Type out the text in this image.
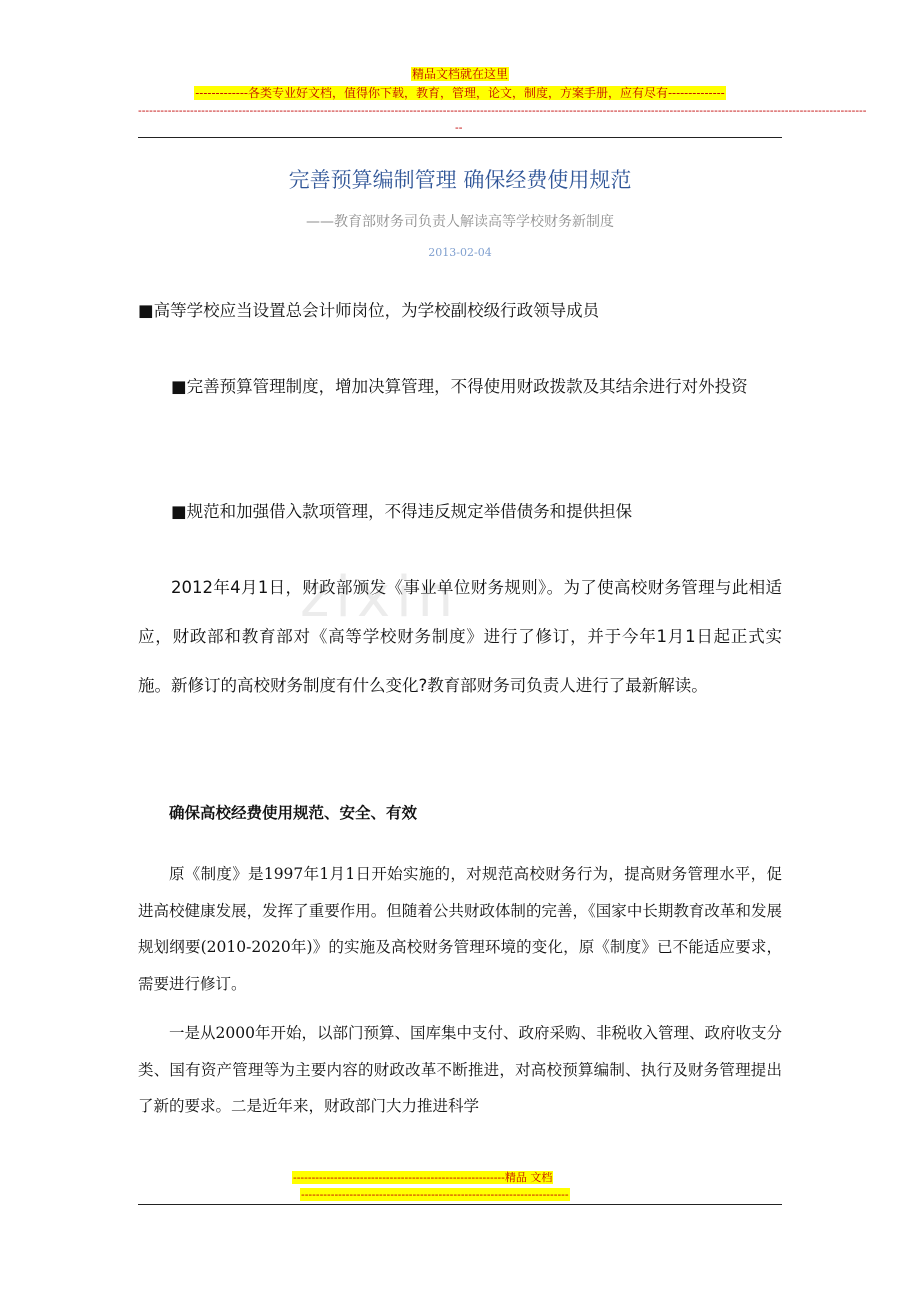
精品文档就在这里
-------------各类专业好文档，值得你下载，教育，管理，论文，制度，方案手册，应有尽有--------------
----------------------------------------------------------------------------------------------------------------------------------------------------------------------------------------------------
--
zixin
完善预算编制管理 确保经费使用规范
——教育部财务司负责人解读高等学校财务新制度
2013-02-04

■高等学校应当设置总会计师岗位，为学校副校级行政领导成员

■完善预算管理制度，增加决算管理，不得使用财政拨款及其结余进行对外投资

■规范和加强借入款项管理，不得违反规定举借债务和提供担保

2012年4月1日，财政部颁发《事业单位财务规则》。为了使高校财务管理与此相适应，财政部和教育部对《高等学校财务制度》进行了修订，并于今年1月1日起正式实施。新修订的高校财务制度有什么变化?教育部财务司负责人进行了最新解读。

确保高校经费使用规范、安全、有效

原《制度》是1997年1月1日开始实施的，对规范高校财务行为，提高财务管理水平，促进高校健康发展，发挥了重要作用。但随着公共财政体制的完善，《国家中长期教育改革和发展规划纲要(2010-2020年)》的实施及高校财务管理环境的变化，原《制度》已不能适应要求，需要进行修订。

一是从2000年开始，以部门预算、国库集中支付、政府采购、非税收入管理、政府收支分类、国有资产管理等为主要内容的财政改革不断推进，对高校预算编制、执行及财务管理提出了新的要求。二是近年来，财政部门大力推进科学

---------------------------------------------------------精品 文档
------------------------------------------------------------------------
